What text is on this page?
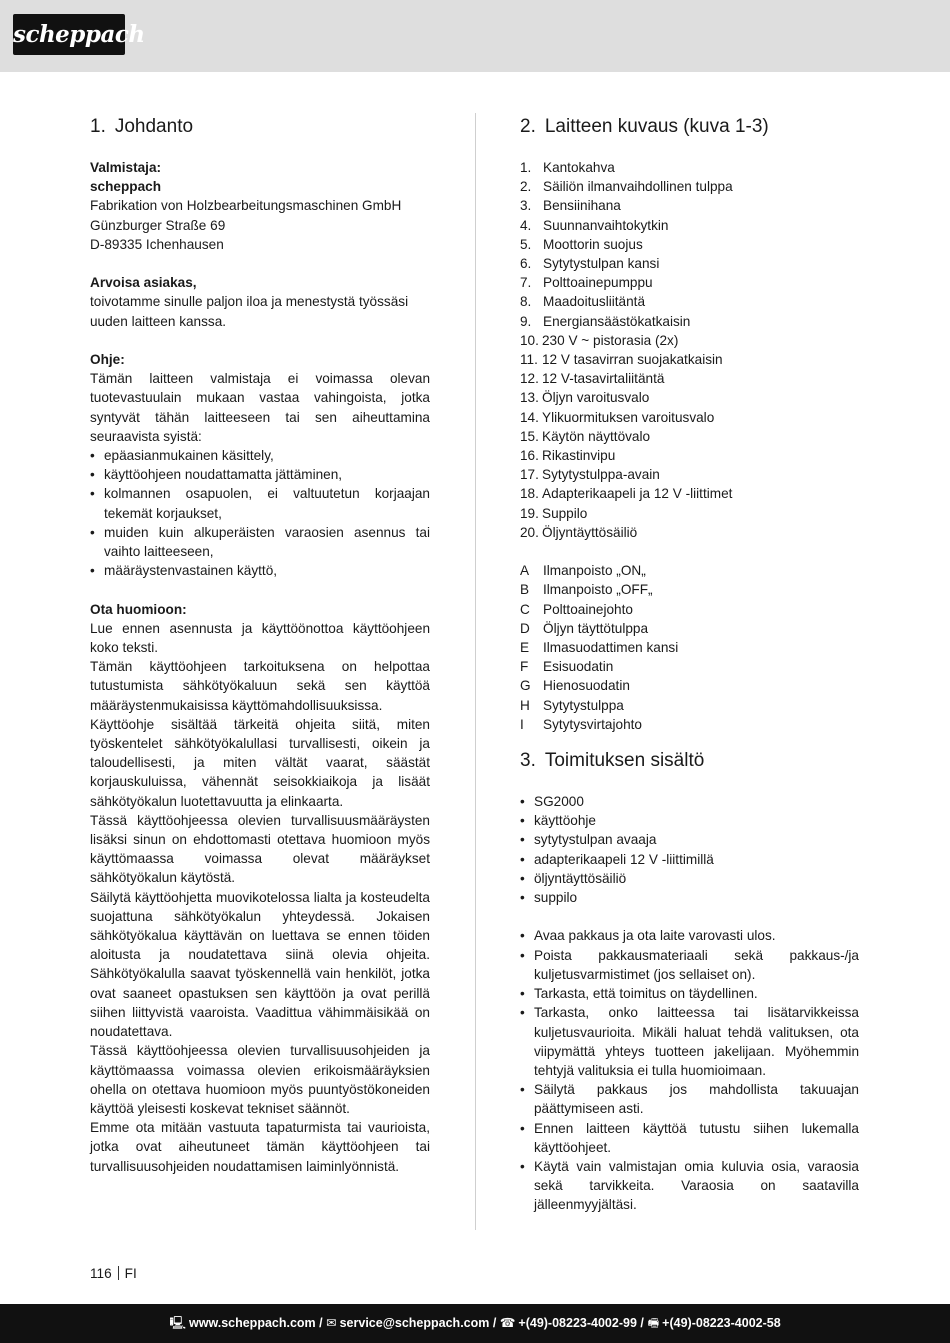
scheppach
1. Johdanto
Valmistaja:
scheppach
Fabrikation von Holzbearbeitungsmaschinen GmbH
Günzburger Straße 69
D-89335 Ichenhausen
Arvoisa asiakas,
toivotamme sinulle paljon iloa ja menestystä työssäsi uuden laitteen kanssa.
Ohje:
Tämän laitteen valmistaja ei voimassa olevan tuotevastuulain mukaan vastaa vahingoista, jotka syntyvät tähän laitteeseen tai sen aiheuttamina seuraavista syistä:
• epäasianmukainen käsittely,
• käyttöohjeen noudattamatta jättäminen,
• kolmannen osapuolen, ei valtuutetun korjaajan tekemät korjaukset,
• muiden kuin alkuperäisten varaosien asennus tai vaihto laitteeseen,
• määräystenvastainen käyttö,
Ota huomioon:
Lue ennen asennusta ja käyttöönottoa käyttöohjeen koko teksti.
Tämän käyttöohjeen tarkoituksena on helpottaa tutustumista sähkötyökaluun sekä sen käyttöä määräystenmukaisissa käyttömahdollisuuksissa.
Käyttöohje sisältää tärkeitä ohjeita siitä, miten työskentelet sähkötyökalullasi turvallisesti, oikein ja taloudellisesti, ja miten vältät vaarat, säästät korjauskuluissa, vähennät seisokkiaikoja ja lisäät sähkötyökalun luotettavuutta ja elinkaarta.
Tässä käyttöohjeessa olevien turvallisuusmääräysten lisäksi sinun on ehdottomasti otettava huomioon myös käyttömaassa voimassa olevat määräykset sähkötyökalun käytöstä.
Säilytä käyttöohjetta muovikotelossa lialta ja kosteudelta suojattuna sähkötyökalun yhteydessä. Jokaisen sähkötyökalua käyttävän on luettava se ennen töiden aloitusta ja noudatettava siinä olevia ohjeita. Sähkötyökalulla saavat työskennellä vain henkilöt, jotka ovat saaneet opastuksen sen käyttöön ja ovat perillä siihen liittyvistä vaaroista. Vaadittua vähimmäisikää on noudatettava.
Tässä käyttöohjeessa olevien turvallisuusohjeiden ja käyttömaassa voimassa olevien erikoismääräyksien ohella on otettava huomioon myös puuntyöstökoneiden käyttöä yleisesti koskevat tekniset säännöt.
Emme ota mitään vastuuta tapaturmista tai vaurioista, jotka ovat aiheutuneet tämän käyttöohjeen tai turvallisuusohjeiden noudattamisen laiminlyönnistä.
2. Laitteen kuvaus (kuva 1-3)
1. Kantokahva
2. Säiliön ilmanvaihdollinen tulppa
3. Bensiinihana
4. Suunnanvaihtokytkin
5. Moottorin suojus
6. Sytytystulpan kansi
7. Polttoainepumppu
8. Maadoitusliitäntä
9. Energiansäästökatkaisin
10. 230 V ~ pistorasia (2x)
11. 12 V tasavirran suojakatkaisin
12. 12 V-tasavirtaliitäntä
13. Öljyn varoitusvalo
14. Ylikuormituksen varoitusvalo
15. Käytön näyttövalo
16. Rikastinvipu
17. Sytytystulppa-avain
18. Adapterikaapeli ja 12 V -liittimet
19. Suppilo
20. Öljyntäyttösäiliö
A	Ilmanpoisto „ON„
B	Ilmanpoisto „OFF„
C Polttoainejohto
D Öljyn täyttötulppa
E	Ilmasuodattimen kansi
F	Esisuodatin
G Hienosuodatin
H Sytytystulppa
I	Sytytysvirtajohto
3. Toimituksen sisältö
• SG2000
• käyttöohje
• sytytystulpan avaaja
• adapterikaapeli 12 V -liittimillä
• öljyntäyttösäiliö
• suppilo
• Avaa pakkaus ja ota laite varovasti ulos.
• Poista pakkausmateriaali sekä pakkaus-/ja kuljetusvarmistimet (jos sellaiset on).
• Tarkasta, että toimitus on täydellinen.
• Tarkasta, onko laitteessa tai lisätarvikkeissa kuljetusvaurioita. Mikäli haluat tehdä valituksen, ota viipymättä yhteys tuotteen jakelijaan. Myöhemmin tehtyjä valituksia ei tulla huomioimaan.
• Säilytä pakkaus jos mahdollista takuuajan päättymiseen asti.
• Ennen laitteen käyttöä tutustu siihen lukemalla käyttöohjeet.
• Käytä vain valmistajan omia kuluvia osia, varaosia sekä tarvikkeita. Varaosia on saatavilla jälleenmyyjältäsi.
116 FI
🖳 www.scheppach.com / ✉ service@scheppach.com / ☎ +(49)-08223-4002-99 / 🖷 +(49)-08223-4002-58
